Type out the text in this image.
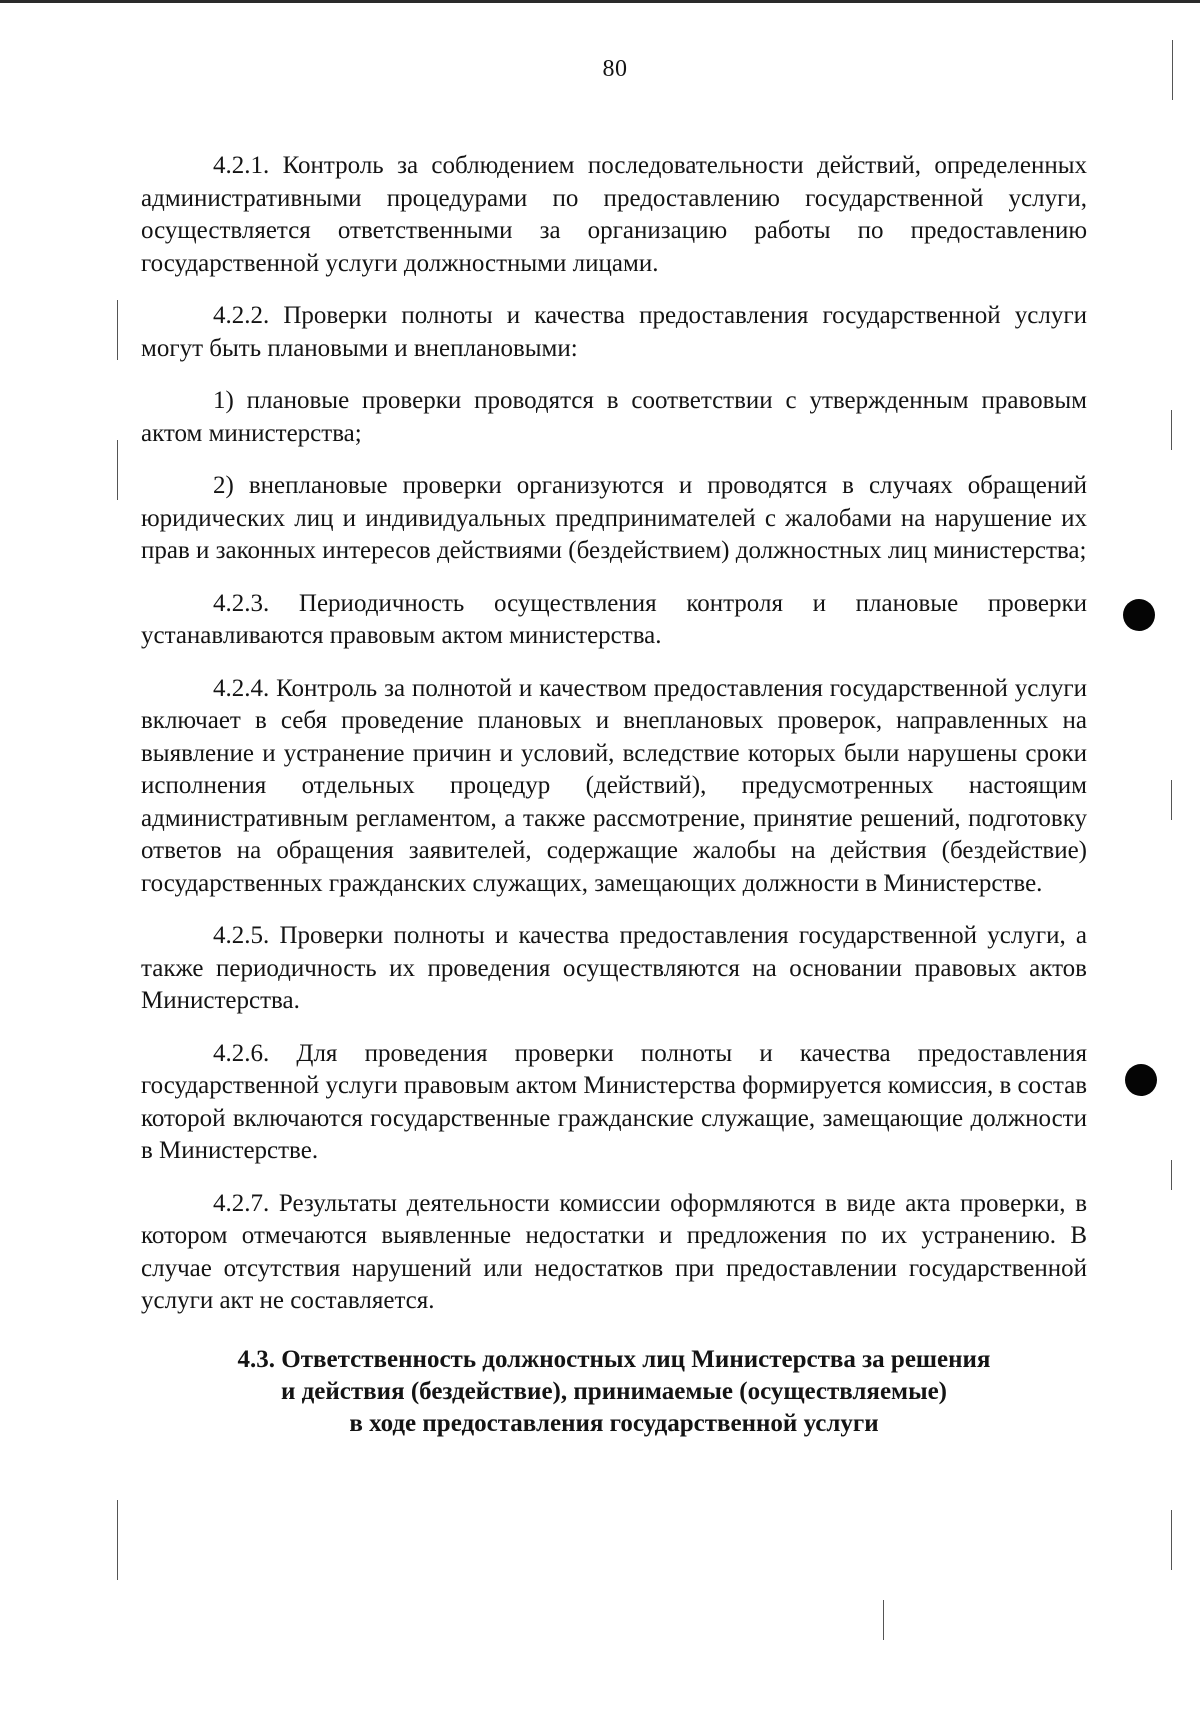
80

4.2.1. Контроль за соблюдением последовательности действий, определенных административными процедурами по предоставлению государственной услуги, осуществляется ответственными за организацию работы по предоставлению государственной услуги должностными лицами.

4.2.2. Проверки полноты и качества предоставления государственной услуги могут быть плановыми и внеплановыми:

1) плановые проверки проводятся в соответствии с утвержденным правовым актом министерства;

2) внеплановые проверки организуются и проводятся в случаях обращений юридических лиц и индивидуальных предпринимателей с жалобами на нарушение их прав и законных интересов действиями (бездействием) должностных лиц министерства;

4.2.3. Периодичность осуществления контроля и плановые проверки устанавливаются правовым актом министерства.

4.2.4. Контроль за полнотой и качеством предоставления государственной услуги включает в себя проведение плановых и внеплановых проверок, направленных на выявление и устранение причин и условий, вследствие которых были нарушены сроки исполнения отдельных процедур (действий), предусмотренных настоящим административным регламентом, а также рассмотрение, принятие решений, подготовку ответов на обращения заявителей, содержащие жалобы на действия (бездействие) государственных гражданских служащих, замещающих должности в Министерстве.

4.2.5. Проверки полноты и качества предоставления государственной услуги, а также периодичность их проведения осуществляются на основании правовых актов Министерства.

4.2.6. Для проведения проверки полноты и качества предоставления государственной услуги правовым актом Министерства формируется комиссия, в состав которой включаются государственные гражданские служащие, замещающие должности в Министерстве.

4.2.7. Результаты деятельности комиссии оформляются в виде акта проверки, в котором отмечаются выявленные недостатки и предложения по их устранению. В случае отсутствия нарушений или недостатков при предоставлении государственной услуги акт не составляется.

4.3. Ответственность должностных лиц Министерства за решения
и действия (бездействие), принимаемые (осуществляемые)
в ходе предоставления государственной услуги
